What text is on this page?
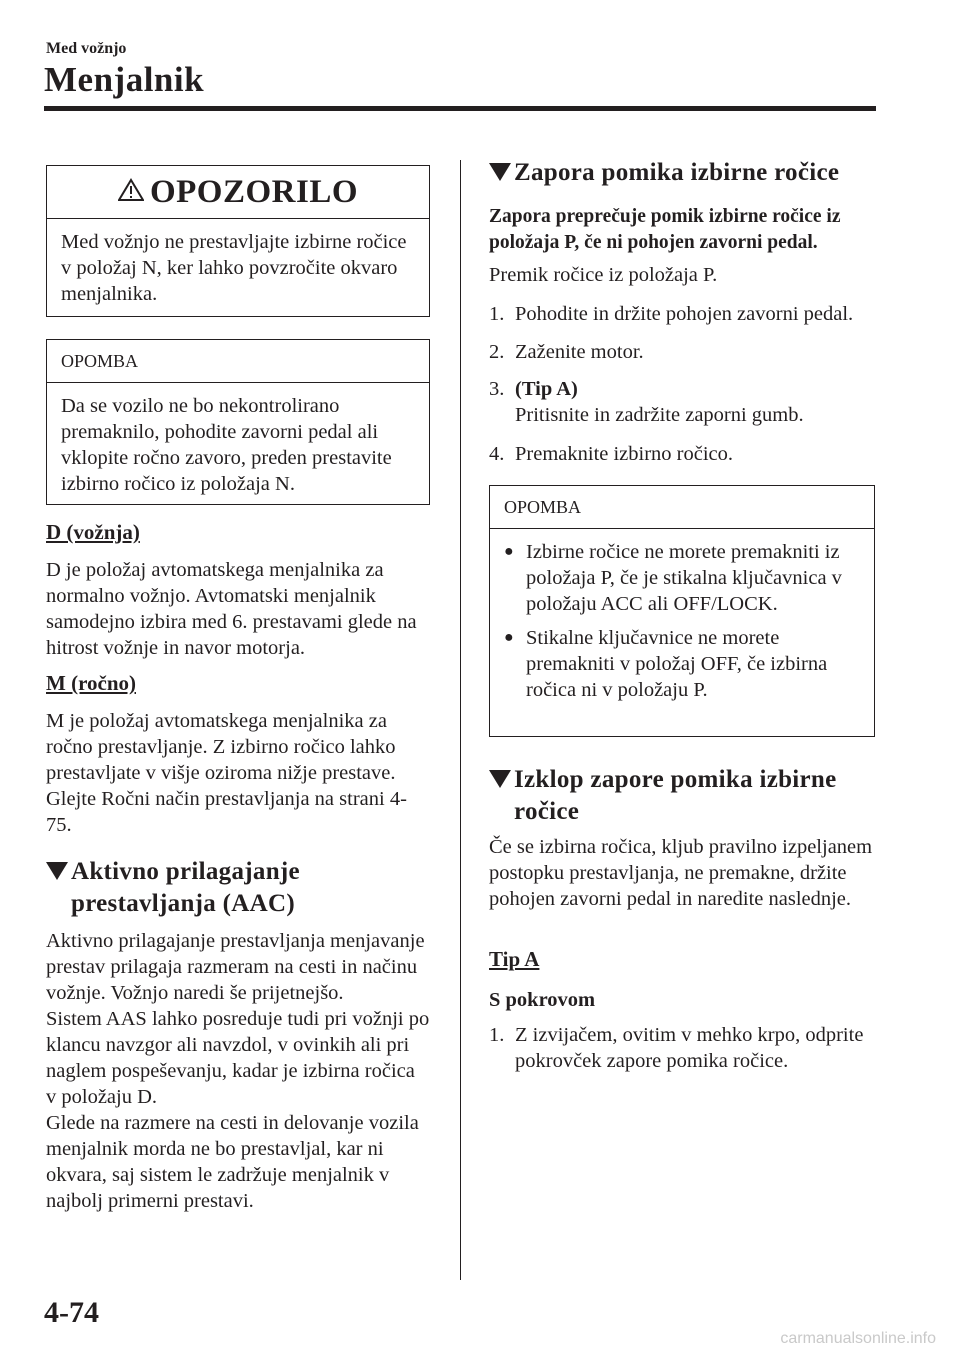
Med vožnjo
Menjalnik
OPOZORILO

Med vožnjo ne prestavljajte izbirne ročice v položaj N, ker lahko povzročite okvaro menjalnika.

OPOMBA

Da se vozilo ne bo nekontrolirano premaknilo, pohodite zavorni pedal ali vklopite ročno zavoro, preden prestavite izbirno ročico iz položaja N.

D (vožnja)

D je položaj avtomatskega menjalnika za normalno vožnjo. Avtomatski menjalnik samodejno izbira med 6. prestavami glede na hitrost vožnje in navor motorja.

M (ročno)

M je položaj avtomatskega menjalnika za ročno prestavljanje. Z izbirno ročico lahko prestavljate v višje oziroma nižje prestave. Glejte Ročni način prestavljanja na strani 4-75.

Aktivno prilagajanje
prestavljanja (AAC)

Aktivno prilagajanje prestavljanja menjavanje prestav prilagaja razmeram na cesti in načinu vožnje. Vožnjo naredi še prijetnejšo.

Sistem AAS lahko posreduje tudi pri vožnji po klancu navzgor ali navzdol, v ovinkih ali pri naglem pospeševanju, kadar je izbirna ročica v položaju D.

Glede na razmere na cesti in delovanje vozila menjalnik morda ne bo prestavljal, kar ni okvara, saj sistem le zadržuje menjalnik v najbolj primerni prestavi.

Zapora pomika izbirne ročice

Zapora preprečuje pomik izbirne ročice iz položaja P, če ni pohojen zavorni pedal.

Premik ročice iz položaja P.

1. Pohodite in držite pohojen zavorni pedal.

2. Zaženite motor.

3. (Tip A)

Pritisnite in zadržite zaporni gumb.

4. Premaknite izbirno ročico.

OPOMBA
● Izbirne ročice ne morete premakniti iz položaja P, če je stikalna ključavnica v položaju ACC ali OFF/LOCK.

● Stikalne ključavnice ne morete premakniti v položaj OFF, če izbirna ročica ni v položaju P.

Izklop zapore pomika izbirne
ročice

Če se izbirna ročica, kljub pravilno izpeljanem postopku prestavljanja, ne premakne, držite pohojen zavorni pedal in naredite naslednje.

Tip A

S pokrovom

1. Z izvijačem, ovitim v mehko krpo, odprite pokrovček zapore pomika ročice.

4-74
carmanualsonline.info
